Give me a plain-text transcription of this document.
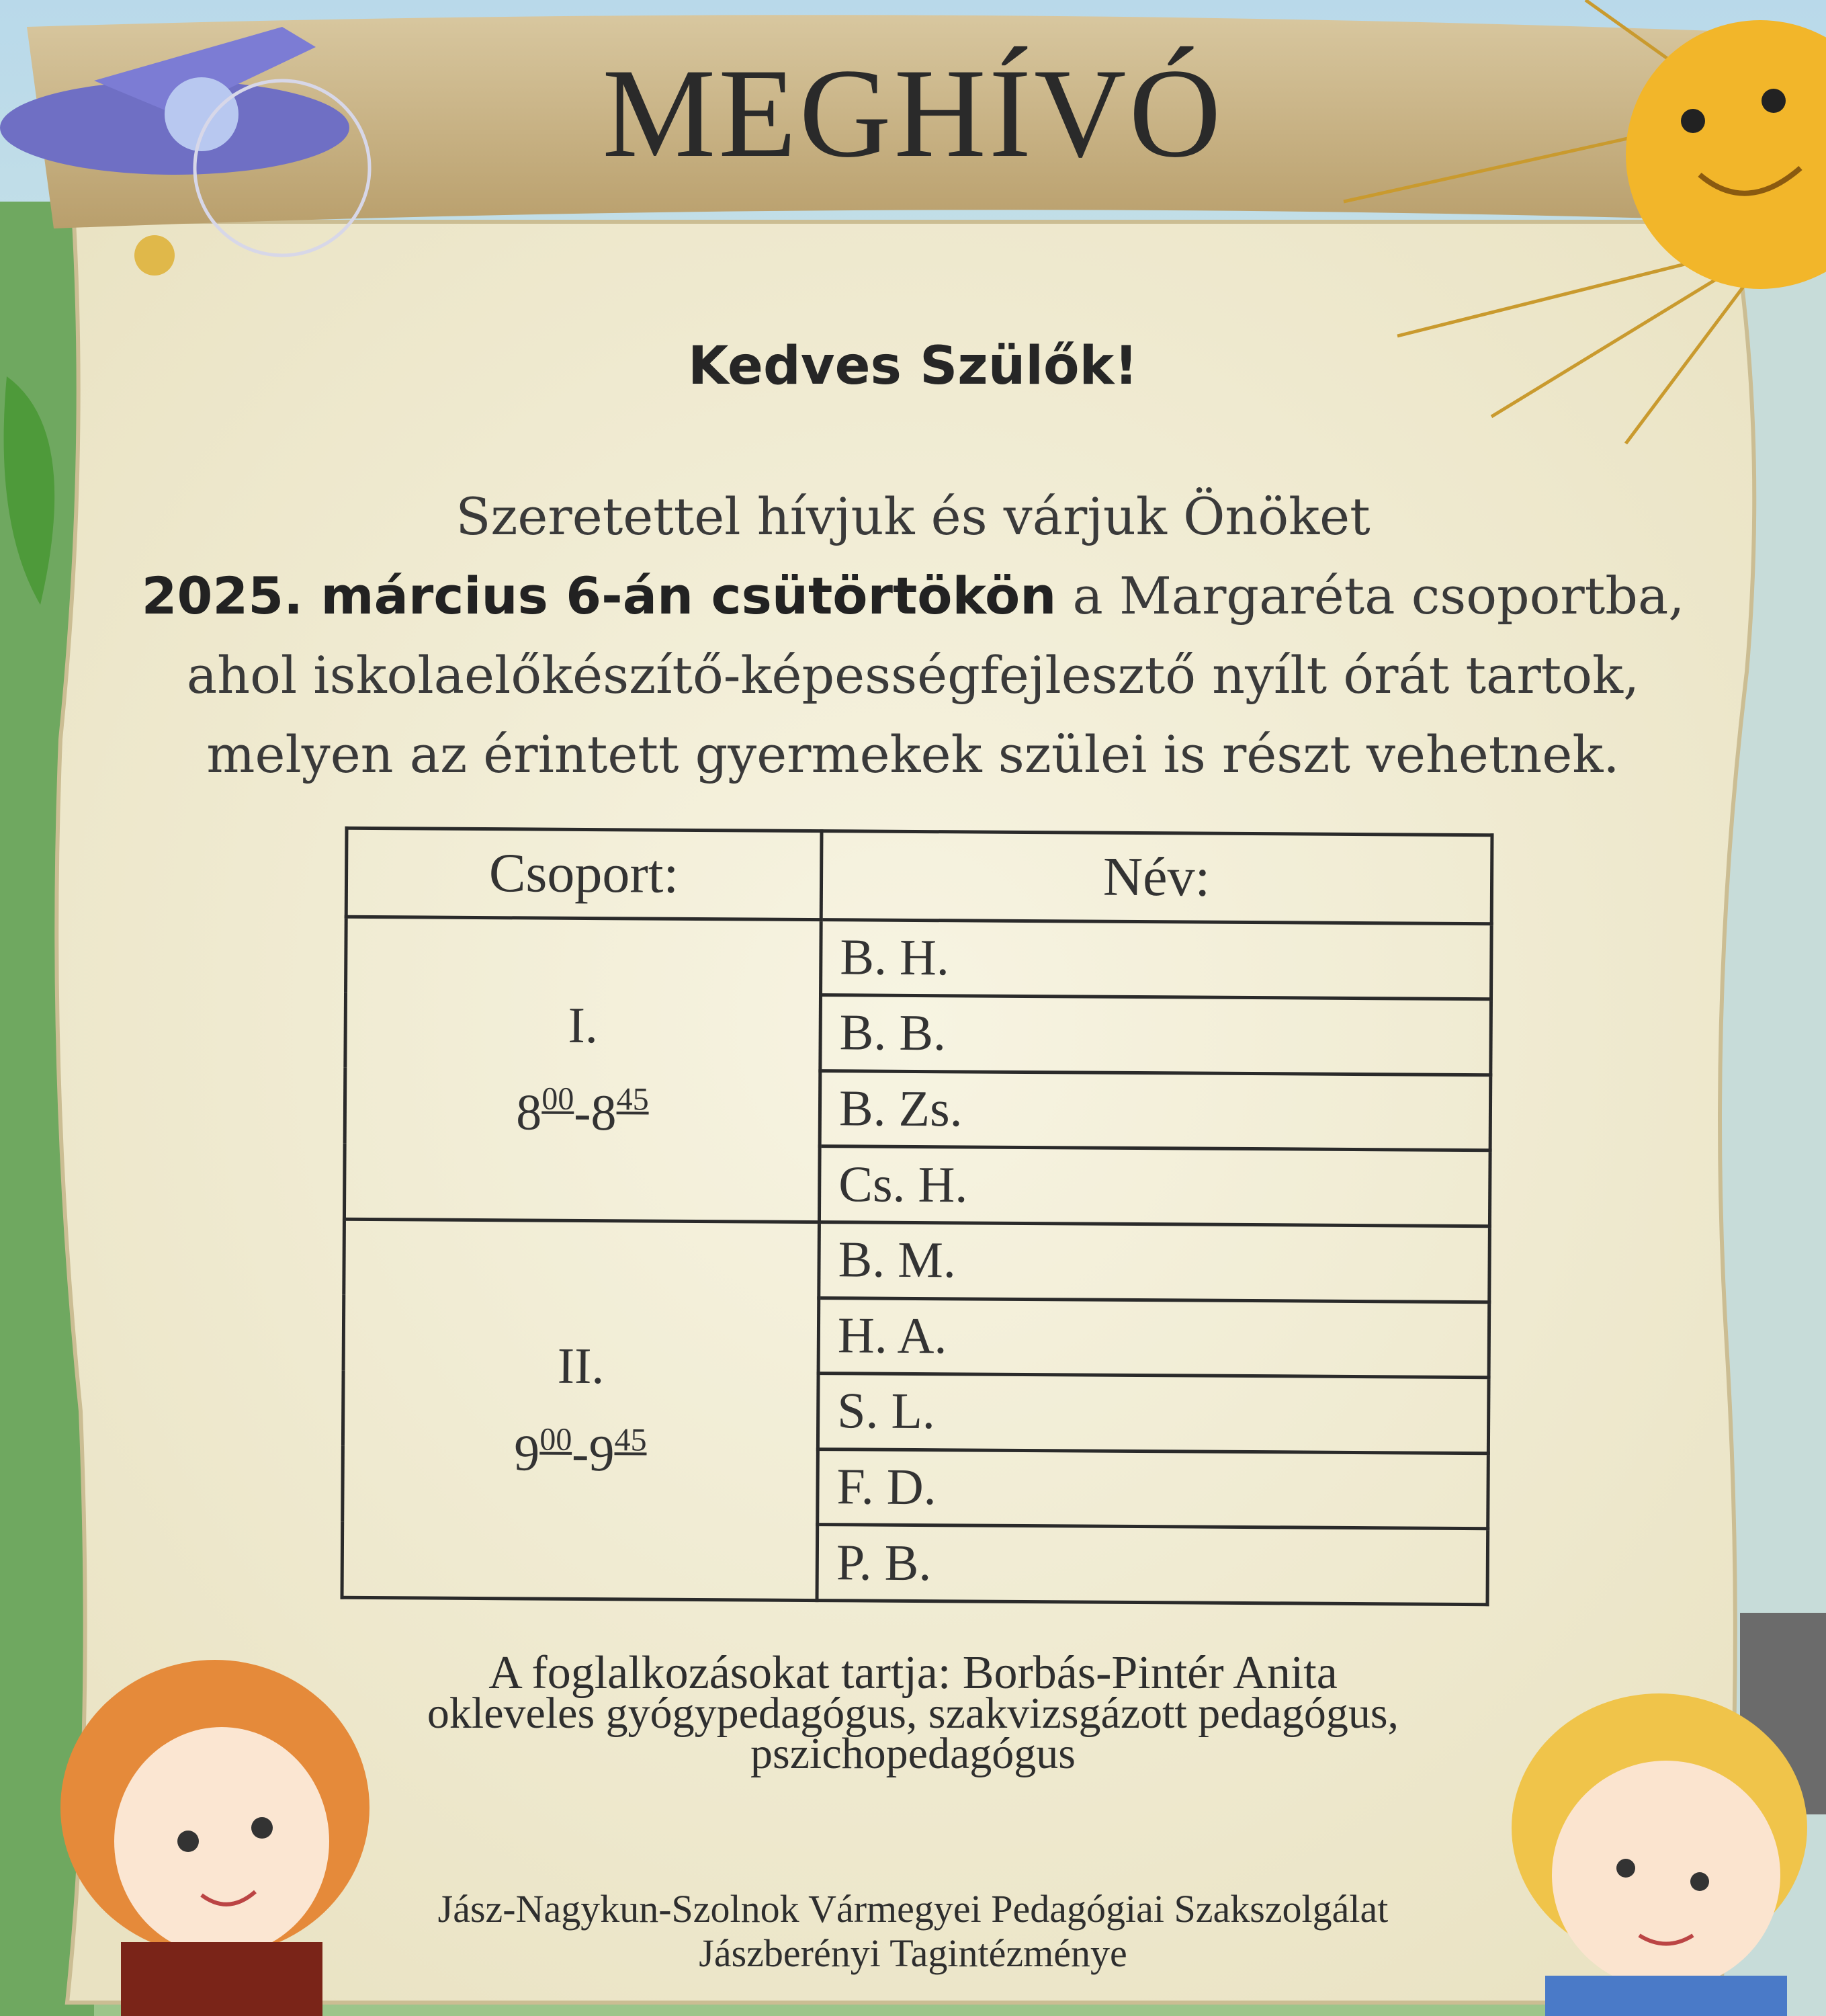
MEGHÍVÓ
Kedves Szülők!
Szeretettel hívjuk és várjuk Önöket
2025. március 6-án csütörtökön a Margaréta csoportba,
ahol iskolaelőkészítő-képességfejlesztő nyílt órát tartok,
melyen az érintett gyermekek szülei is részt vehetnek.
Csoport:	Név:

I.
$8^{00}-8^{45}$	B. H.
	B. B.
	B. Zs.
	Cs. H.

II.
$9^{00}-9^{45}$	B. M.
	H. A.
	S. L.
	F. D.
	P. B.
A foglalkozásokat tartja: Borbás-Pintér Anita
okleveles gyógypedagógus, szakvizsgázott pedagógus,
pszichopedagógus
Jász-Nagykun-Szolnok Vármegyei Pedagógiai Szakszolgálat
Jászberényi Tagintézménye
